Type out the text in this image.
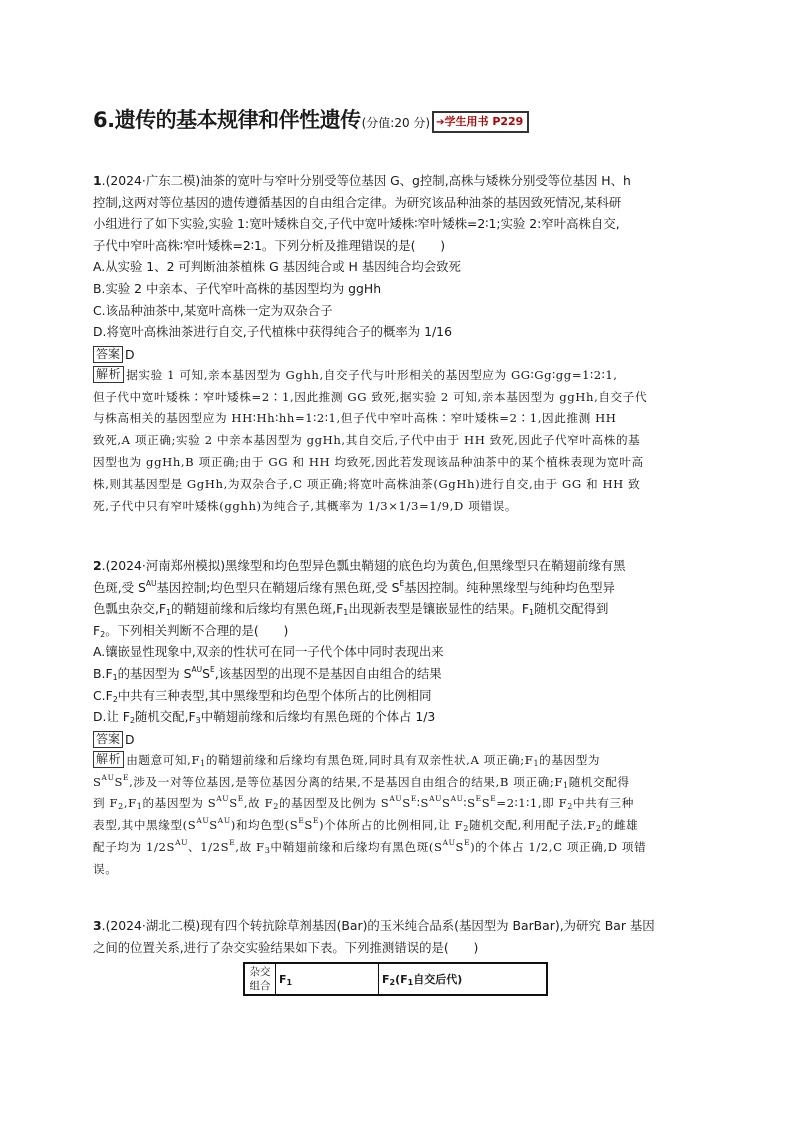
6.遗传的基本规律和伴性遗传(分值:20 分) ➔学生用书 P229

1.(2024·广东二模)油茶的宽叶与窄叶分别受等位基因 G、g控制,高株与矮株分别受等位基因 H、h

控制,这两对等位基因的遗传遵循基因的自由组合定律。为研究该品种油茶的基因致死情况,某科研

小组进行了如下实验,实验 1:宽叶矮株自交,子代中宽叶矮株∶窄叶矮株=2∶1;实验 2:窄叶高株自交,

子代中窄叶高株∶窄叶矮株=2∶1。下列分析及推理错误的是(　　)

A.从实验 1、2 可判断油茶植株 G 基因纯合或 H 基因纯合均会致死

B.实验 2 中亲本、子代窄叶高株的基因型均为 ggHh

C.该品种油茶中,某宽叶高株一定为双杂合子

D.将宽叶高株油茶进行自交,子代植株中获得纯合子的概率为 1/16

答案 D

解析 据实验 1 可知,亲本基因型为 Gghh,自交子代与叶形相关的基因型应为 GG∶Gg∶gg=1∶2∶1,

但子代中宽叶矮株∶窄叶矮株=2∶1,因此推测 GG 致死,据实验 2 可知,亲本基因型为 ggHh,自交子代

与株高相关的基因型应为 HH∶Hh∶hh=1∶2∶1,但子代中窄叶高株∶窄叶矮株=2∶1,因此推测 HH

致死,A 项正确;实验 2 中亲本基因型为 ggHh,其自交后,子代中由于 HH 致死,因此子代窄叶高株的基

因型也为 ggHh,B 项正确;由于 GG 和 HH 均致死,因此若发现该品种油茶中的某个植株表现为宽叶高

株,则其基因型是 GgHh,为双杂合子,C 项正确;将宽叶高株油茶(GgHh)进行自交,由于 GG 和 HH 致

死,子代中只有窄叶矮株(gghh)为纯合子,其概率为 1/3×1/3=1/9,D 项错误。

2.(2024·河南郑州模拟)黑缘型和均色型异色瓢虫鞘翅的底色均为黄色,但黑缘型只在鞘翅前缘有黑

色斑,受 $S^{AU}$基因控制;均色型只在鞘翅后缘有黑色斑,受 $S^E$基因控制。纯种黑缘型与纯种均色型异

色瓢虫杂交$,F_1$的鞘翅前缘和后缘均有黑色斑$,F_1$出现新表型是镶嵌显性的结果。$F_1$随机交配得到

$F_2$。下列相关判断不合理的是(　　)

A.镶嵌显性现象中,双亲的性状可在同一子代个体中同时表现出来

$B.F_1$的基因型为 $S^{AU}S^E$,该基因型的出现不是基因自由组合的结果

$C.F_2$中共有三种表型,其中黑缘型和均色型个体所占的比例相同

D.让 $F_2$随机交配$,F_3$中鞘翅前缘和后缘均有黑色斑的个体占 1/3

答案 D

解析 由题意可知$,F_1$的鞘翅前缘和后缘均有黑色斑,同时具有双亲性状,A 项正确$;F_1$的基因型为

$S^{AU}S^E$,涉及一对等位基因,是等位基因分离的结果,不是基因自由组合的结果,B 项正确$;F_1$随机交配得

到 $F_2,F_1$的基因型为 $S^{AU}S^E$,故 $F_2$的基因型及比例为 $S^{AU}S^E∶S^{AU}S^{AU}∶S^ES^E=2∶1∶1$,即 $F_2$中共有三种

表型,其中黑缘型$(S^{AU}S^{AU})$和均色型$(S^ES^E)$个体所占的比例相同,让 $F_2$随机交配,利用配子法$,F_2$的雌雄

配子均为 $1/2S^{AU}$、$1/2S^E$,故 $F_3$中鞘翅前缘和后缘均有黑色斑$(S^{AU}S^E)$的个体占 1/2,C 项正确,D 项错

误。

3.(2024·湖北二模)现有四个转抗除草剂基因(Bar)的玉米纯合品系(基因型为 BarBar),为研究 Bar 基因

之间的位置关系,进行了杂交实验结果如下表。下列推测错误的是(　　)

杂交
组合	$F_1$	$F_2(F_1$自交后代)
